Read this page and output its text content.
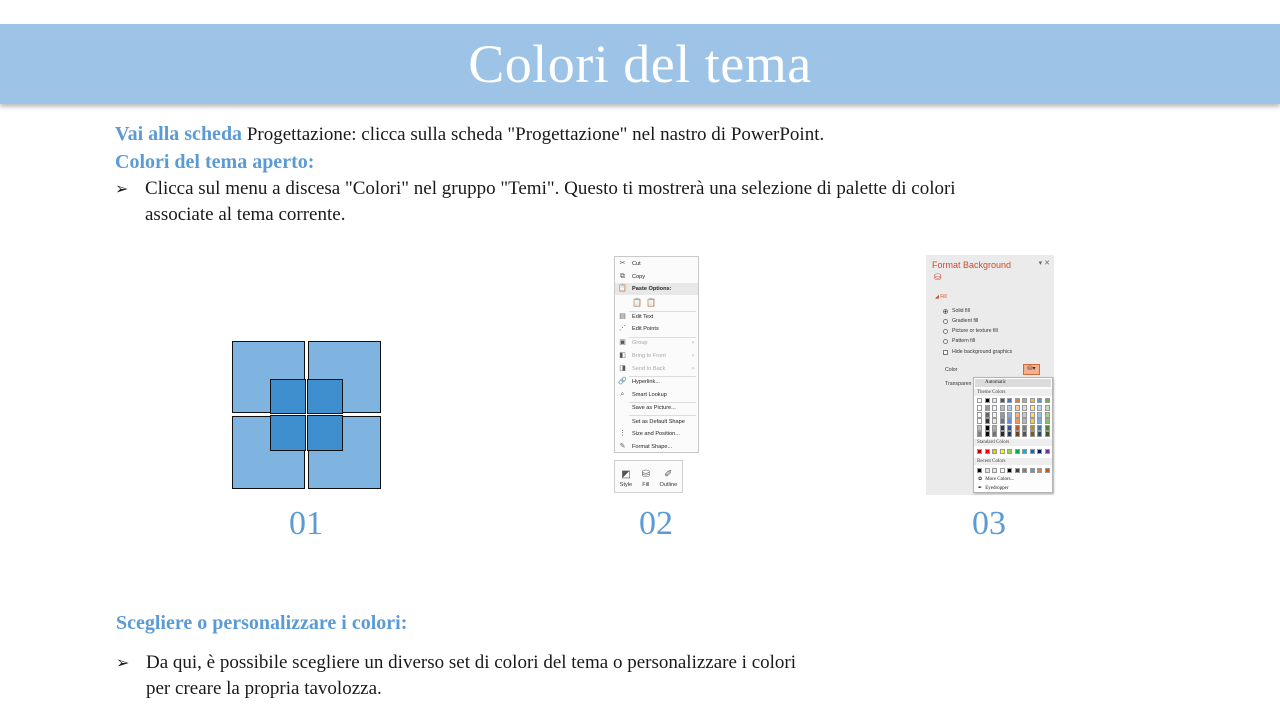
Colori del tema
Vai alla scheda Progettazione: clicca sulla scheda "Progettazione" nel nastro di PowerPoint.
Colori del tema aperto:
➢ Clicca sul menu a discesa "Colori" nel gruppo "Temi". Questo ti mostrerà una selezione di palette di colori
associate al tema corrente.
✂ Cut
⧉	Copy
📋 Paste Options:
📋 📋
▤ Edit Text
⋰ Edit Points
▣ Group	›
◧ Bring to Front	›
◨ Send to Back	›
🔗 Hyperlink...
⌕	Smart Lookup
Save as Picture...
Set as Default Shape
⋮ Size and Position...
✎ Format Shape...
◩
Style
⛁
Fill
✐
Outline
Format Background	▾ ✕
⛁
◢ Fill
Solid fill
Gradient fill
Picture or texture fill
Pattern fill
Hide background graphics
Color
Transparen
⛁▾
Automatic
Theme Colors
Standard Colors
Recent Colors
✿ More Colors...
✒ Eyedropper
01	02	03
Scegliere o personalizzare i colori:
➢ Da qui, è possibile scegliere un diverso set di colori del tema o personalizzare i colori
per creare la propria tavolozza.
